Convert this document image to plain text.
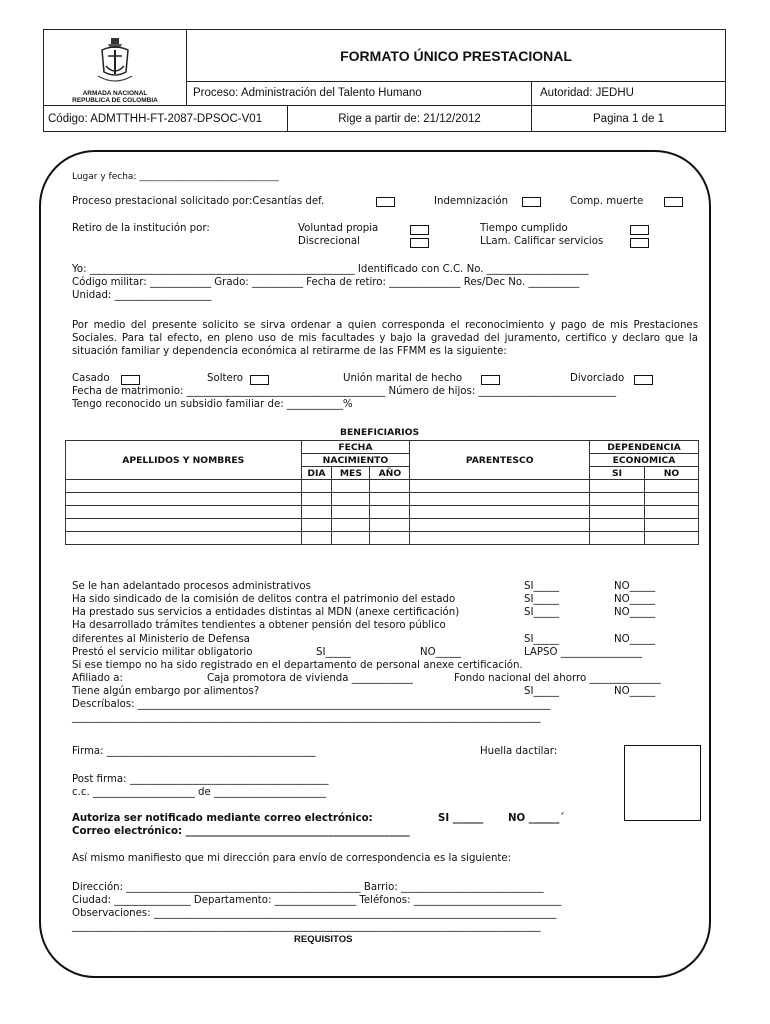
ARMADA NACIONAL
REPUBLICA DE COLOMBIA
FORMATO ÚNICO PRESTACIONAL
Proceso: Administración del Talento Humano	Autoridad: JEDHU
Código: ADMTTHH-FT-2087-DPSOC-V01	Rige a partir de: 21/12/2012	Pagina 1 de 1
Lugar y fecha: _______________________________
Proceso prestacional solicitado por:Cesantías def.	Indemnización	Comp. muerte
Retiro de la institución por:	Voluntad propia
Discrecional
Tiempo cumplido
LLam. Calificar servicios
Yo: ____________________________________________________ Identificado con C.C. No. ____________________
Código militar: ____________ Grado: __________ Fecha de retiro: ______________ Res/Dec No. __________
Unidad: ___________________
Por medio del presente solicito se sirva ordenar a quien corresponda el reconocimiento y pago de mis Prestaciones Sociales. Para tal efecto, en pleno uso de mis facultades y bajo la gravedad del juramento, certifico y declaro que la situación familiar y dependencia económica al retirarme de las FFMM es la siguiente:
Casado	Soltero	Unión marital de hecho	Divorciado
Fecha de matrimonio: _______________________________________ Número de hijos: ___________________________
Tengo reconocido un subsidio familiar de: ___________%
BENEFICIARIOS
APELLIDOS Y NOMBRES	FECHA			PARENTESCO	DEPENDENCIA	
	NACIMIENTO				ECONOMICA	
	DIA	MES	AÑO		SI	NO

Se le han adelantado procesos administrativos	SI_____	NO_____
Ha sido sindicado de la comisión de delitos contra el patrimonio del estado	SI_____	NO_____
Ha prestado sus servicios a entidades distintas al MDN (anexe certificación)	SI_____	NO_____
Ha desarrollado trámites tendientes a obtener pensión del tesoro público
diferentes al Ministerio de Defensa	SI_____	NO_____
Prestó el servicio militar obligatorio	SI_____	NO_____	LAPSO ________________
Si ese tiempo no ha sido registrado en el departamento de personal anexe certificación.
Afiliado a:	Caja promotora de vivienda ____________	Fondo nacional del ahorro ______________
Tiene algún embargo por alimentos?	SI_____	NO_____
Descríbalos: _________________________________________________________________________________
____________________________________________________________________________________________
Firma: _________________________________________	Huella dactilar:
Post firma: _______________________________________
c.c. ____________________ de ______________________
Autoriza ser notificado mediante correo electrónico:	SI ______ NO ______´
Correo electrónico: ____________________________________________
Así mismo manifiesto que mi dirección para envío de correspondencia es la siguiente:
Dirección: ______________________________________________ Barrio: ____________________________
Ciudad: _______________ Departamento: ________________ Teléfonos: _____________________________
Observaciones: _______________________________________________________________________________
____________________________________________________________________________________________
REQUISITOS
